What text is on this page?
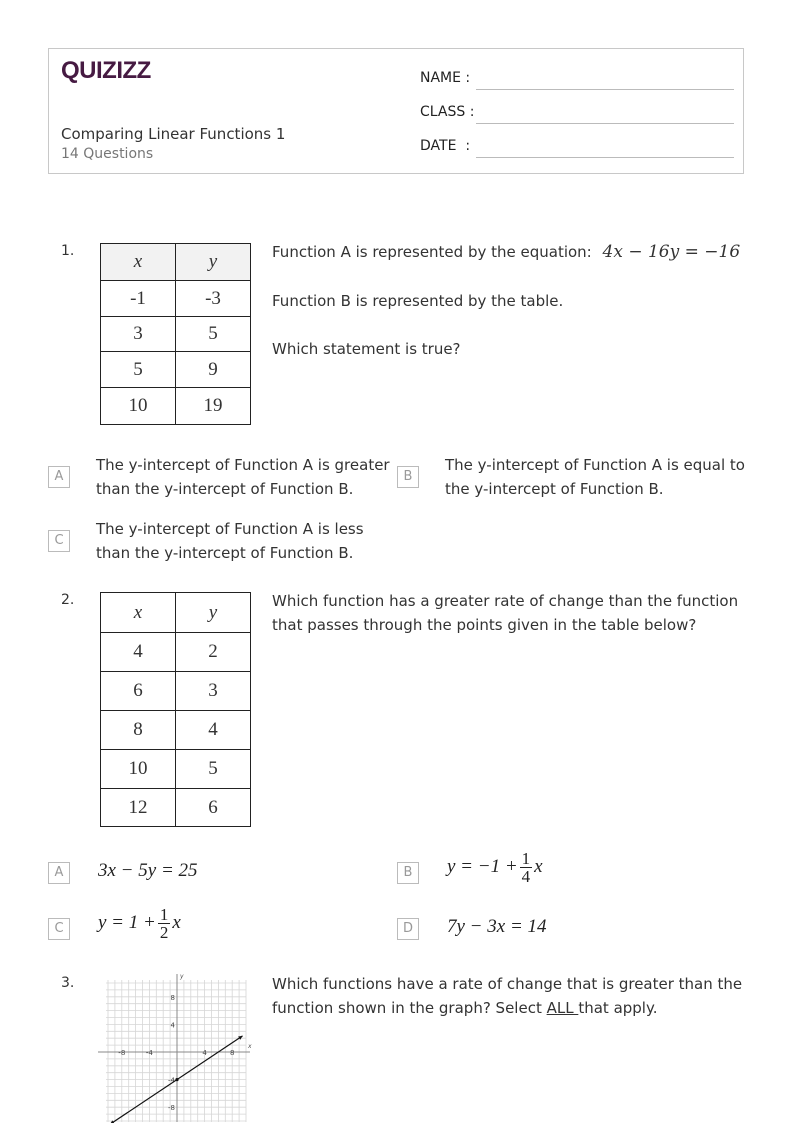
QUIZIZZ
Comparing Linear Functions 1
14 Questions
NAME :
CLASS :
DATE  :
1.	x	y
-1	-3
3	5
5	9
10	19
Function A is represented by the equation: 4x − 16y = −16
Function B is represented by the table.
Which statement is true?
A
The y-intercept of Function A is greater than the y-intercept of Function B.
B
The y-intercept of Function A is equal to the y-intercept of Function B.
C
The y-intercept of Function A is less than the y-intercept of Function B.
2.
x	y
4	2
6	3
8	4
10	5
12	6
Which function has a greater rate of change than the function that passes through the points given in the table below?
A	3x − 5y = 25	B	$y = -1 + \frac{1}{4}$ x
C	$y = 1 + \frac{1}{2}$ x	D	7y − 3x = 14
3.
x
y
-8	-4	4	8
8
4
-4
-8
Which functions have a rate of change that is greater than the function shown in the graph? Select ALL that apply.
